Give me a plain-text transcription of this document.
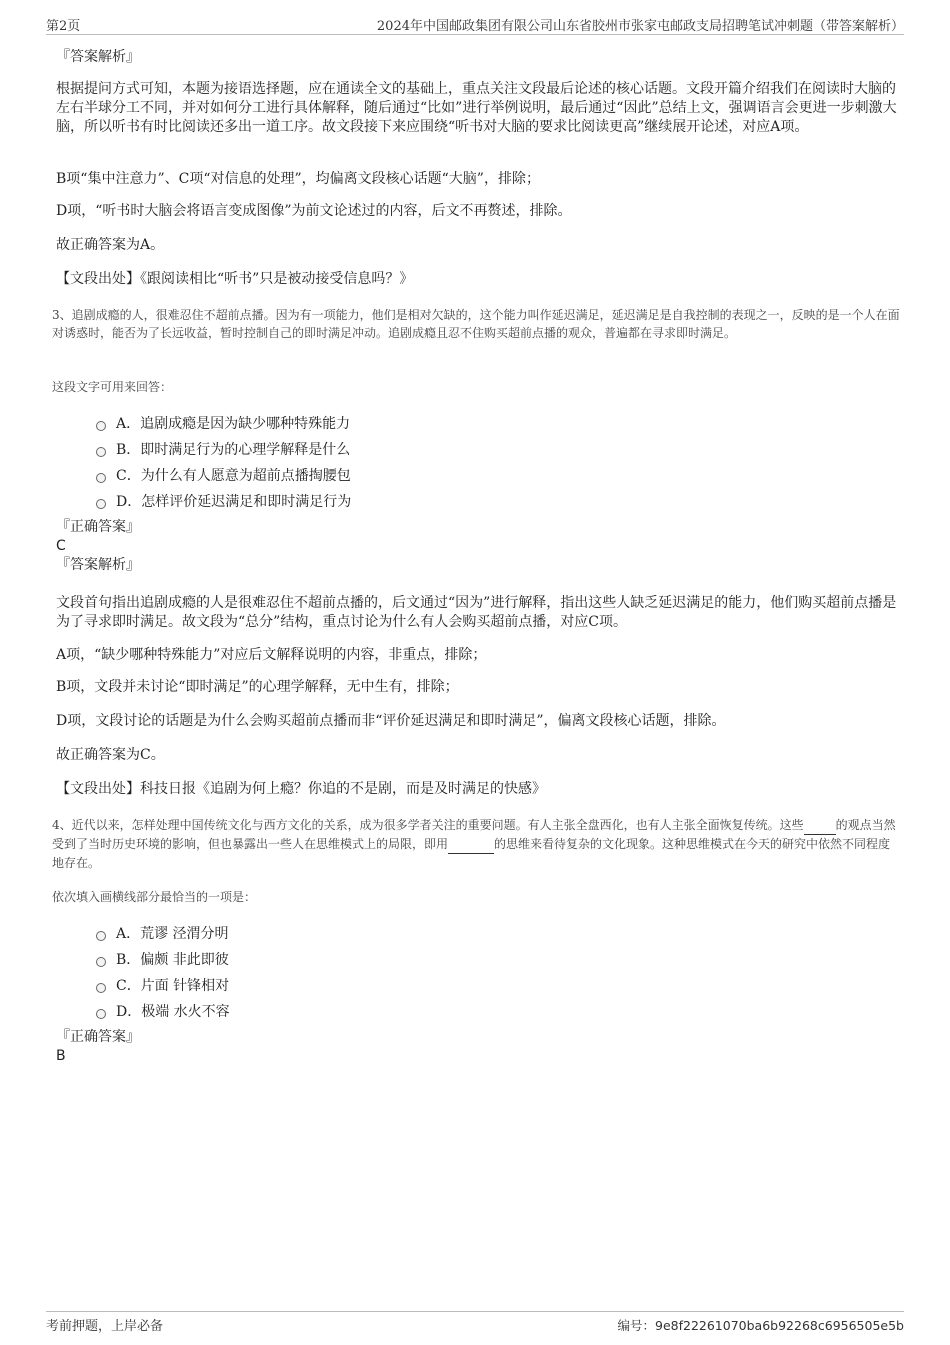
第2页	2024年中国邮政集团有限公司山东省胶州市张家屯邮政支局招聘笔试冲刺题（带答案解析）

『答案解析』

根据提问方式可知，本题为接语选择题，应在通读全文的基础上，重点关注文段最后论述的核心话题。文段开篇介绍我们在阅读时大脑的左右半球分工不同，并对如何分工进行具体解释，随后通过“比如”进行举例说明，最后通过“因此”总结上文，强调语言会更进一步刺激大脑，所以听书有时比阅读还多出一道工序。故文段接下来应围绕“听书对大脑的要求比阅读更高”继续展开论述，对应A项。

B项“集中注意力”、C项“对信息的处理”，均偏离文段核心话题“大脑”，排除；

D项，“听书时大脑会将语言变成图像”为前文论述过的内容，后文不再赘述，排除。

故正确答案为A。

【文段出处】《跟阅读相比“听书”只是被动接受信息吗？》

3、追剧成瘾的人，很难忍住不超前点播。因为有一项能力，他们是相对欠缺的，这个能力叫作延迟满足，延迟满足是自我控制的表现之一，反映的是一个人在面对诱惑时，能否为了长远收益，暂时控制自己的即时满足冲动。追剧成瘾且忍不住购买超前点播的观众，普遍都在寻求即时满足。

这段文字可用来回答：

A．追剧成瘾是因为缺少哪种特殊能力
B．即时满足行为的心理学解释是什么
C．为什么有人愿意为超前点播掏腰包
D．怎样评价延迟满足和即时满足行为

『正确答案』

C

『答案解析』

文段首句指出追剧成瘾的人是很难忍住不超前点播的，后文通过“因为”进行解释，指出这些人缺乏延迟满足的能力，他们购买超前点播是为了寻求即时满足。故文段为“总分”结构，重点讨论为什么有人会购买超前点播，对应C项。

A项，“缺少哪种特殊能力”对应后文解释说明的内容，非重点，排除；

B项，文段并未讨论“即时满足”的心理学解释，无中生有，排除；

D项，文段讨论的话题是为什么会购买超前点播而非“评价延迟满足和即时满足”，偏离文段核心话题，排除。

故正确答案为C。

【文段出处】科技日报《追剧为何上瘾？你追的不是剧，而是及时满足的快感》

4、近代以来，怎样处理中国传统文化与西方文化的关系，成为很多学者关注的重要问题。有人主张全盘西化，也有人主张全面恢复传统。这些	的观点当然受到了当时历史环境的影响，但也暴露出一些人在思维模式上的局限，即用	的思维来看待复杂的文化现象。这种思维模式在今天的研究中依然不同程度地存在。

依次填入画横线部分最恰当的一项是：

A．荒谬 泾渭分明
B．偏颇 非此即彼
C．片面 针锋相对
D．极端 水火不容

『正确答案』

B

考前押题，上岸必备	编号：9e8f22261070ba6b92268c6956505e5b
